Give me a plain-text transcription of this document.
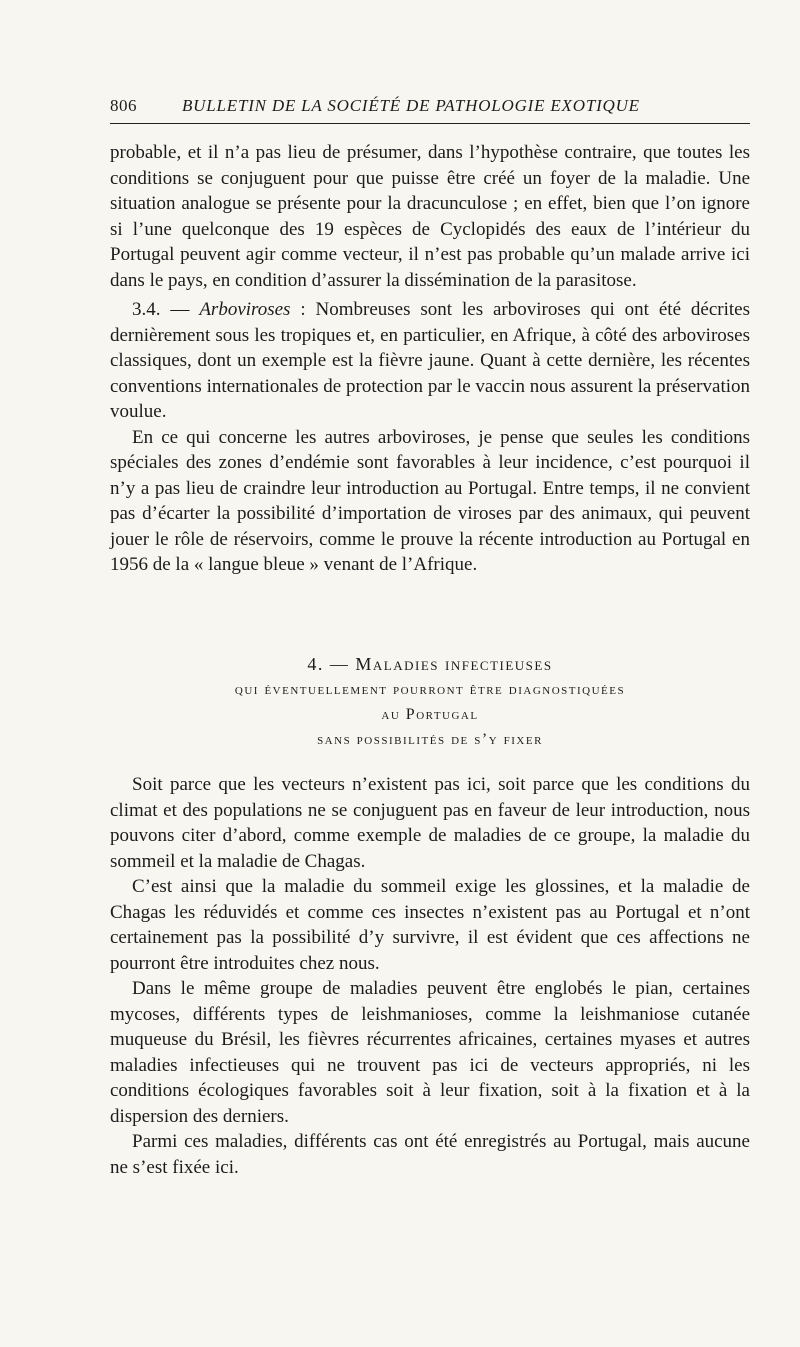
806	BULLETIN DE LA SOCIÉTÉ DE PATHOLOGIE EXOTIQUE

probable, et il n’a pas lieu de présumer, dans l’hypothèse contraire, que toutes les conditions se conjuguent pour que puisse être créé un foyer de la maladie. Une situation analogue se présente pour la dracunculose ; en effet, bien que l’on ignore si l’une quelconque des 19 espèces de Cyclopidés des eaux de l’intérieur du Portugal peuvent agir comme vecteur, il n’est pas probable qu’un malade arrive ici dans le pays, en condition d’assurer la dissémination de la parasitose.

3.4. — Arboviroses : Nombreuses sont les arboviroses qui ont été décrites dernièrement sous les tropiques et, en particulier, en Afrique, à côté des arboviroses classiques, dont un exemple est la fièvre jaune. Quant à cette dernière, les récentes conventions internationales de protection par le vaccin nous assurent la préservation voulue.

En ce qui concerne les autres arboviroses, je pense que seules les conditions spéciales des zones d’endémie sont favorables à leur incidence, c’est pourquoi il n’y a pas lieu de craindre leur introduction au Portugal. Entre temps, il ne convient pas d’écarter la possibilité d’importation de viroses par des animaux, qui peuvent jouer le rôle de réservoirs, comme le prouve la récente introduction au Portugal en 1956 de la « langue bleue » venant de l’Afrique.

4. — Maladies infectieuses
qui éventuellement pourront être diagnostiquées
au Portugal
sans possibilités de s’y fixer

Soit parce que les vecteurs n’existent pas ici, soit parce que les conditions du climat et des populations ne se conjuguent pas en faveur de leur introduction, nous pouvons citer d’abord, comme exemple de maladies de ce groupe, la maladie du sommeil et la maladie de Chagas.

C’est ainsi que la maladie du sommeil exige les glossines, et la maladie de Chagas les réduvidés et comme ces insectes n’existent pas au Portugal et n’ont certainement pas la possibilité d’y survivre, il est évident que ces affections ne pourront être introduites chez nous.

Dans le même groupe de maladies peuvent être englobés le pian, certaines mycoses, différents types de leishmanioses, comme la leishmaniose cutanée muqueuse du Brésil, les fièvres récurrentes africaines, certaines myases et autres maladies infectieuses qui ne trouvent pas ici de vecteurs appropriés, ni les conditions écologiques favorables soit à leur fixation, soit à la fixation et à la dispersion des derniers.

Parmi ces maladies, différents cas ont été enregistrés au Portugal, mais aucune ne s’est fixée ici.
